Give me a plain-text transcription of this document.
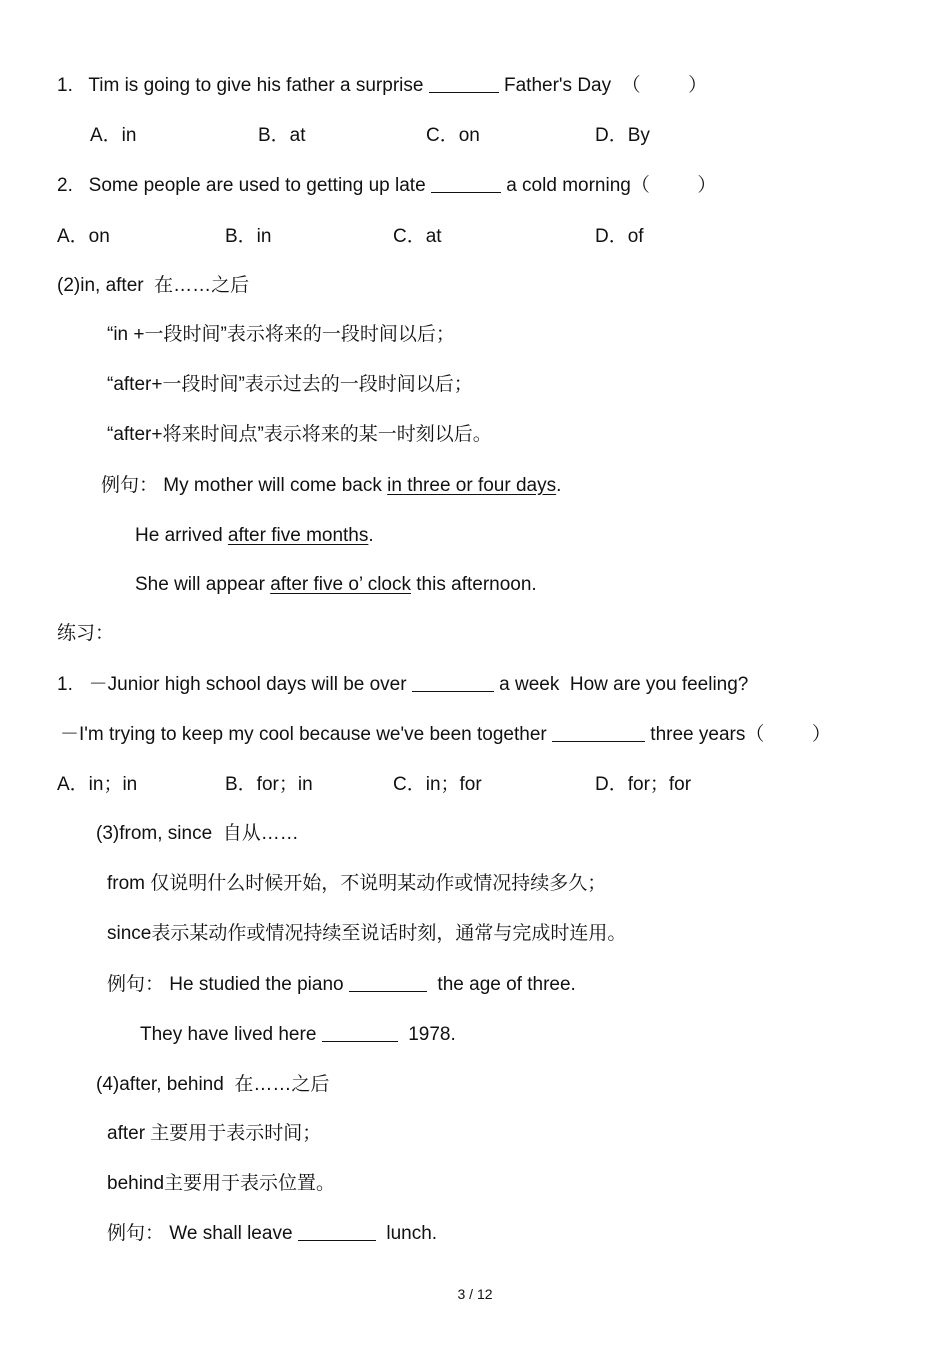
1.   Tim is going to give his father a surprise	Father's Day  （         ）
A．in	B．at	C．on	D．By
2.   Some people are used to getting up late	a cold morning（         ）
A．on	B．in	C．at	D．of
(2)in, after  在……之后
“in +一段时间”表示将来的一段时间以后；
“after+一段时间”表示过去的一段时间以后；
“after+将来时间点”表示将来的某一时刻以后。
例句： My mother will come back in three or four days.
He arrived after five months.
She will appear after five o’ clock this afternoon.
练习：
1.   －Junior high school days will be over	a week  How are you feeling?
－I'm trying to keep my cool because we've been together	three years（         ）
A．in；in	B．for；in	C．in；for	D．for；for
(3)from, since  自从……
from 仅说明什么时候开始，不说明某动作或情况持续多久；
since表示某动作或情况持续至说话时刻，通常与完成时连用。
例句： He studied the piano	the age of three.
They have lived here	1978.
(4)after, behind  在……之后
after 主要用于表示时间；
behind主要用于表示位置。
例句： We shall leave	lunch.
3 / 12
